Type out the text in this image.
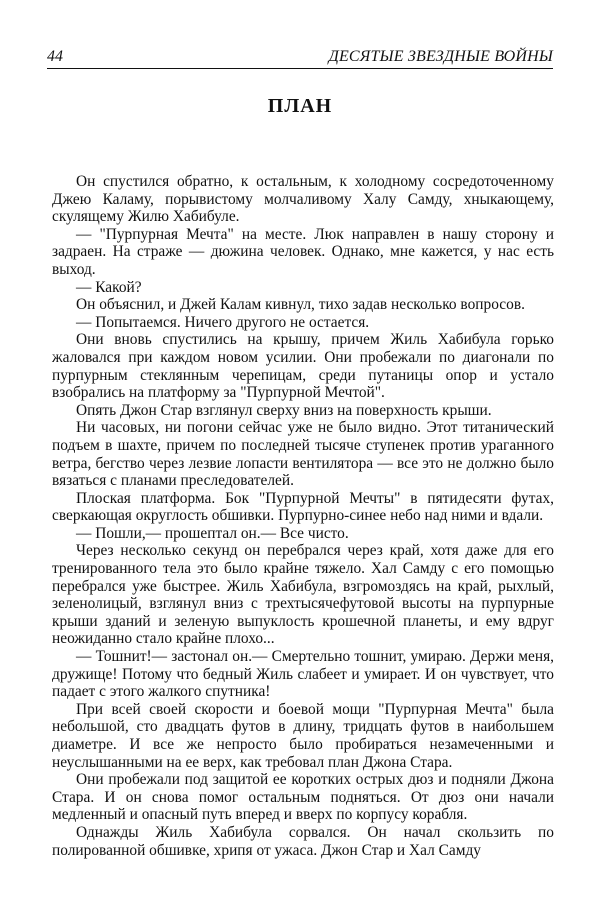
44	ДЕСЯТЫЕ ЗВЕЗДНЫЕ ВОЙНЫ
ПЛАН

Он спустился обратно, к остальным, к холодному сосредоточенному Джею Каламу, порывистому молчаливому Халу Самду, хныкающему, скулящему Жилю Хабибуле.

— "Пурпурная Мечта" на месте. Люк направлен в нашу сторону и задраен. На страже — дюжина человек. Однако, мне кажется, у нас есть выход.

— Какой?

Он объяснил, и Джей Калам кивнул, тихо задав несколько вопросов.

— Попытаемся. Ничего другого не остается.

Они вновь спустились на крышу, причем Жиль Хабибула горько жаловался при каждом новом усилии. Они пробежали по диагонали по пурпурным стеклянным черепицам, среди путаницы опор и устало взобрались на платформу за "Пурпурной Мечтой".

Опять Джон Стар взглянул сверху вниз на поверхность крыши.

Ни часовых, ни погони сейчас уже не было видно. Этот титанический подъем в шахте, причем по последней тысяче ступенек против ураганного ветра, бегство через лезвие лопасти вентилятора — все это не должно было вязаться с планами преследователей.

Плоская платформа. Бок "Пурпурной Мечты" в пятидесяти футах, сверкающая округлость обшивки. Пурпурно-синее небо над ними и вдали.

— Пошли,— прошептал он.— Все чисто.

Через несколько секунд он перебрался через край, хотя даже для его тренированного тела это было крайне тяжело. Хал Самду с его помощью перебрался уже быстрее. Жиль Хабибула, взгромоздясь на край, рыхлый, зеленолицый, взглянул вниз с трехтысячефутовой высоты на пурпурные крыши зданий и зеленую выпуклость крошечной планеты, и ему вдруг неожиданно стало крайне плохо...

— Тошнит!— застонал он.— Смертельно тошнит, умираю. Держи меня, дружище! Потому что бедный Жиль слабеет и умирает. И он чувствует, что падает с этого жалкого спутника!

При всей своей скорости и боевой мощи "Пурпурная Мечта" была небольшой, сто двадцать футов в длину, тридцать футов в наибольшем диаметре. И все же непросто было пробираться незамеченными и неуслышанными на ее верх, как требовал план Джона Стара.

Они пробежали под защитой ее коротких острых дюз и подняли Джона Стара. И он снова помог остальным подняться. От дюз они начали медленный и опасный путь вперед и вверх по корпусу корабля.

Однажды Жиль Хабибула сорвался. Он начал скользить по полированной обшивке, хрипя от ужаса. Джон Стар и Хал Самду
